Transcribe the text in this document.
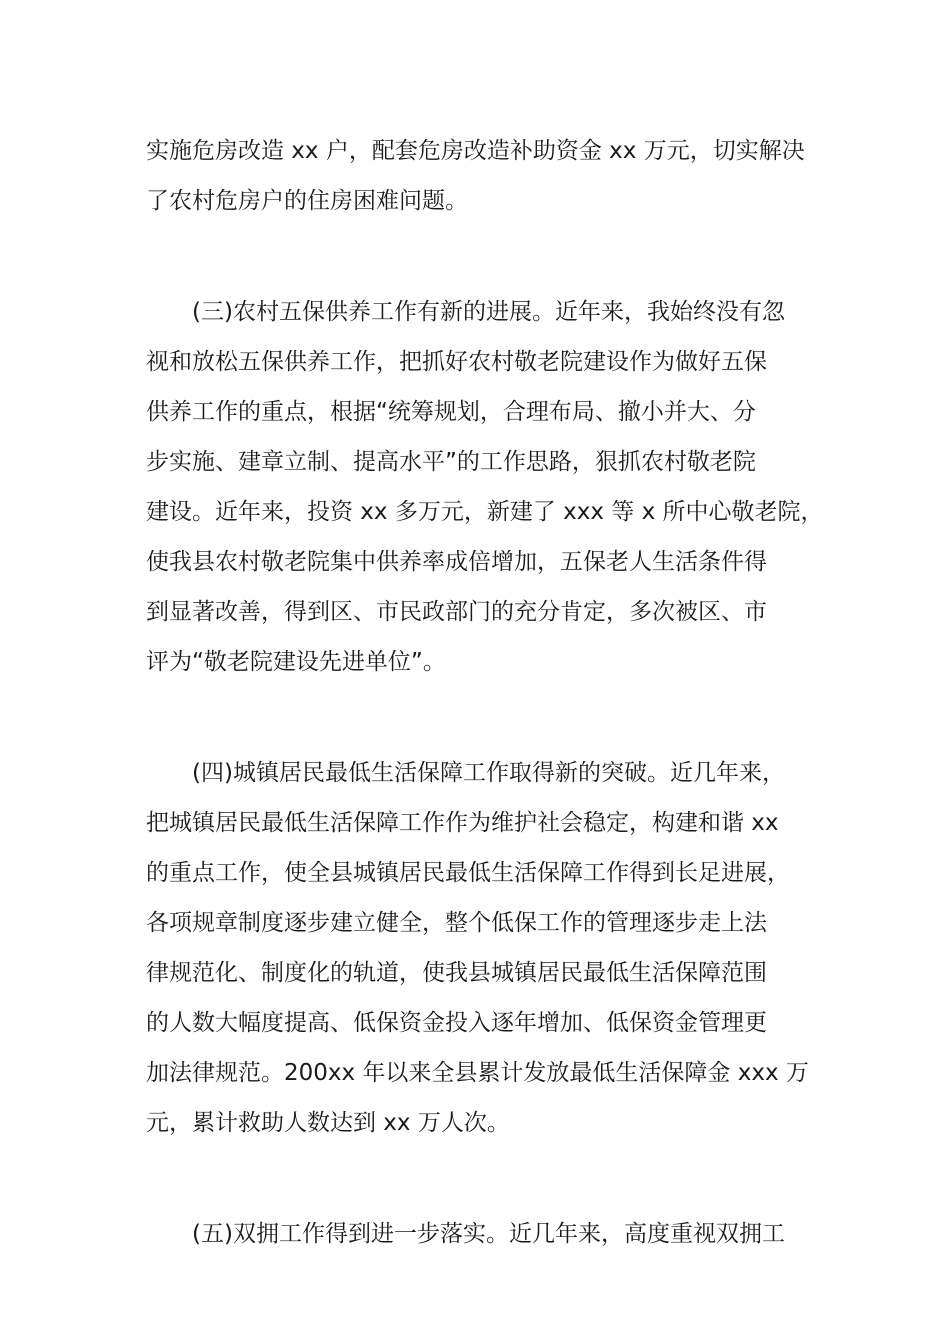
实施危房改造 xx 户，配套危房改造补助资金 xx 万元，切实解决
了农村危房户的住房困难问题。
(三)农村五保供养工作有新的进展。近年来，我始终没有忽
视和放松五保供养工作，把抓好农村敬老院建设作为做好五保
供养工作的重点，根据“统筹规划，合理布局、撤小并大、分
步实施、建章立制、提高水平”的工作思路，狠抓农村敬老院
建设。近年来，投资 xx 多万元，新建了 xxx 等 x 所中心敬老院，
使我县农村敬老院集中供养率成倍增加，五保老人生活条件得
到显著改善，得到区、市民政部门的充分肯定，多次被区、市
评为“敬老院建设先进单位”。
(四)城镇居民最低生活保障工作取得新的突破。近几年来，
把城镇居民最低生活保障工作作为维护社会稳定，构建和谐 xx
的重点工作，使全县城镇居民最低生活保障工作得到长足进展，
各项规章制度逐步建立健全，整个低保工作的管理逐步走上法
律规范化、制度化的轨道，使我县城镇居民最低生活保障范围
的人数大幅度提高、低保资金投入逐年增加、低保资金管理更
加法律规范。200xx 年以来全县累计发放最低生活保障金 xxx 万
元，累计救助人数达到 xx 万人次。
(五)双拥工作得到进一步落实。近几年来，高度重视双拥工
